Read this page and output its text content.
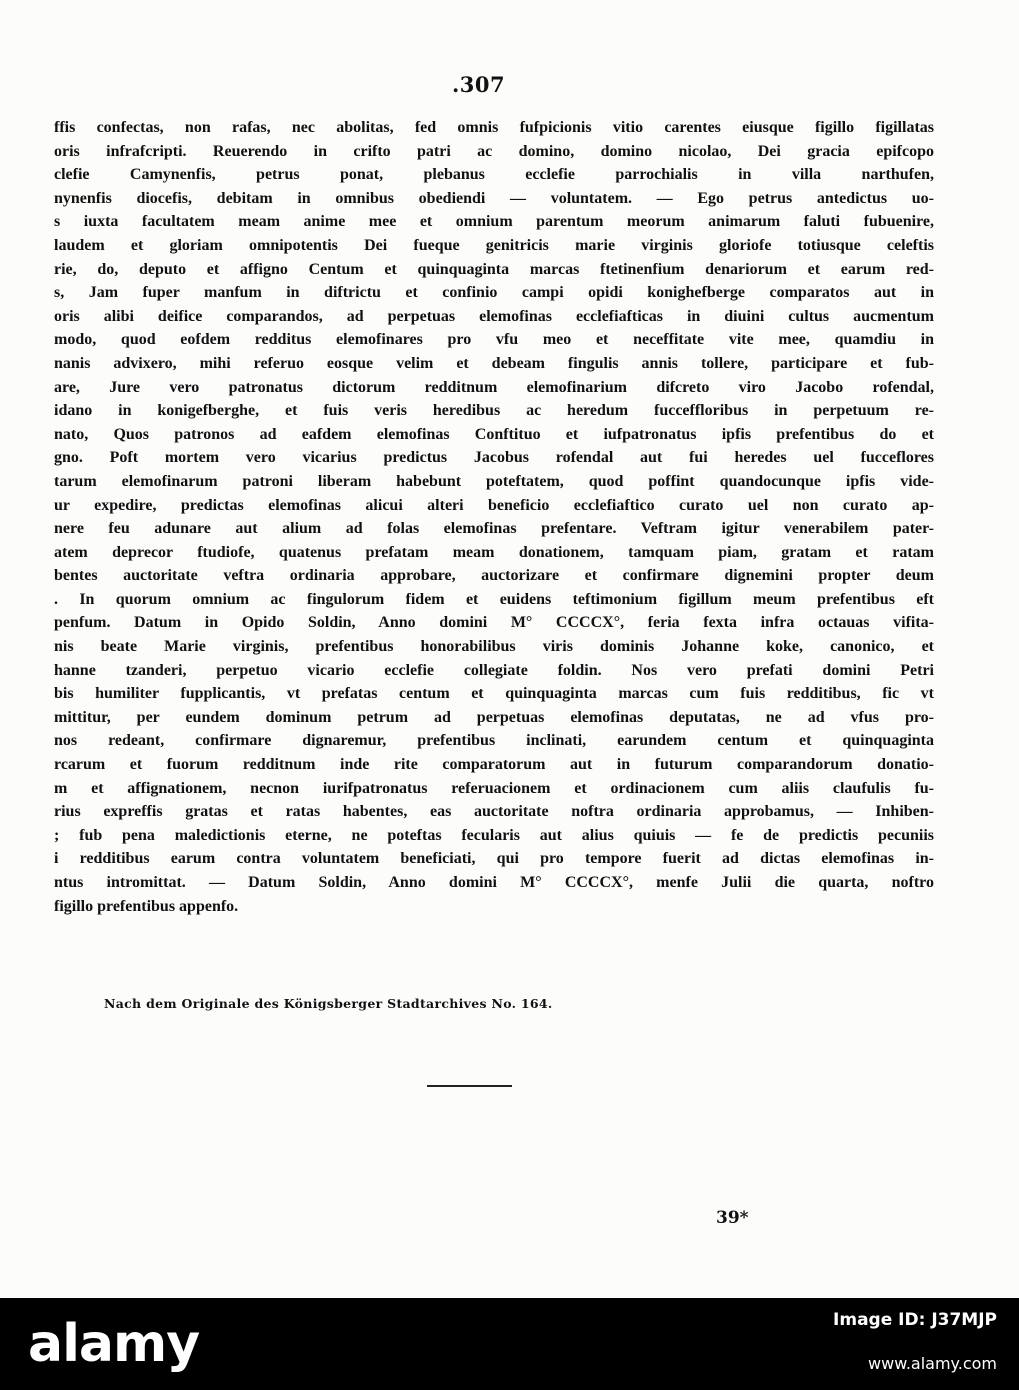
.307
ffis confectas, non rafas, nec abolitas, fed omnis fufpicionis vitio carentes eiusque figillo figillatas
oris infrafcripti. Reuerendo in crifto patri ac domino, domino nicolao, Dei gracia epifcopo
clefie Camynenfis, petrus ponat, plebanus ecclefie parrochialis in villa narthufen,
nynenfis diocefis, debitam in omnibus obediendi — voluntatem. — Ego petrus antedictus uo-
s iuxta facultatem meam anime mee et omnium parentum meorum animarum faluti fubuenire,
laudem et gloriam omnipotentis Dei fueque genitricis marie virginis gloriofe totiusque celeftis
rie, do, deputo et affigno Centum et quinquaginta marcas ftetinenfium denariorum et earum red-
s, Jam fuper manfum in diftrictu et confinio campi opidi konighefberge comparatos aut in
oris alibi deifice comparandos, ad perpetuas elemofinas ecclefiafticas in diuini cultus aucmentum
modo, quod eofdem redditus elemofinares pro vfu meo et neceffitate vite mee, quamdiu in
nanis advixero, mihi referuo eosque velim et debeam fingulis annis tollere, participare et fub-
are, Jure vero patronatus dictorum redditnum elemofinarium difcreto viro Jacobo rofendal,
idano in konigefberghe, et fuis veris heredibus ac heredum fucceffloribus in perpetuum re-
nato, Quos patronos ad eafdem elemofinas Conftituo et iufpatronatus ipfis prefentibus do et
gno. Poft mortem vero vicarius predictus Jacobus rofendal aut fui heredes uel fucceflores
tarum elemofinarum patroni liberam habebunt poteftatem, quod poffint quandocunque ipfis vide-
ur expedire, predictas elemofinas alicui alteri beneficio ecclefiaftico curato uel non curato ap-
nere feu adunare aut alium ad folas elemofinas prefentare. Veftram igitur venerabilem pater-
atem deprecor ftudiofe, quatenus prefatam meam donationem, tamquam piam, gratam et ratam
bentes auctoritate veftra ordinaria approbare, auctorizare et confirmare dignemini propter deum
. In quorum omnium ac fingulorum fidem et euidens teftimonium figillum meum prefentibus eft
penfum. Datum in Opido Soldin, Anno domini M° CCCCX°, feria fexta infra octauas vifita-
nis beate Marie virginis, prefentibus honorabilibus viris dominis Johanne koke, canonico, et
hanne tzanderi, perpetuo vicario ecclefie collegiate foldin. Nos vero prefati domini Petri
bis humiliter fupplicantis, vt prefatas centum et quinquaginta marcas cum fuis redditibus, fic vt
mittitur, per eundem dominum petrum ad perpetuas elemofinas deputatas, ne ad vfus pro-
nos redeant, confirmare dignaremur, prefentibus inclinati, earundem centum et quinquaginta
rcarum et fuorum redditnum inde rite comparatorum aut in futurum comparandorum donatio-
m et affignationem, necnon iurifpatronatus referuacionem et ordinacionem cum aliis claufulis fu-
rius expreffis gratas et ratas habentes, eas auctoritate noftra ordinaria approbamus, — Inhiben-
; fub pena maledictionis eterne, ne poteftas fecularis aut alius quiuis — fe de predictis pecuniis
i redditibus earum contra voluntatem beneficiati, qui pro tempore fuerit ad dictas elemofinas in-
ntus intromittat. — Datum Soldin, Anno domini M° CCCCX°, menfe Julii die quarta, noftro
figillo prefentibus appenfo.
Nach dem Originale des Königsberger Stadtarchives No. 164.
39*
alamy	Image ID: J37MJP
www.alamy.com
